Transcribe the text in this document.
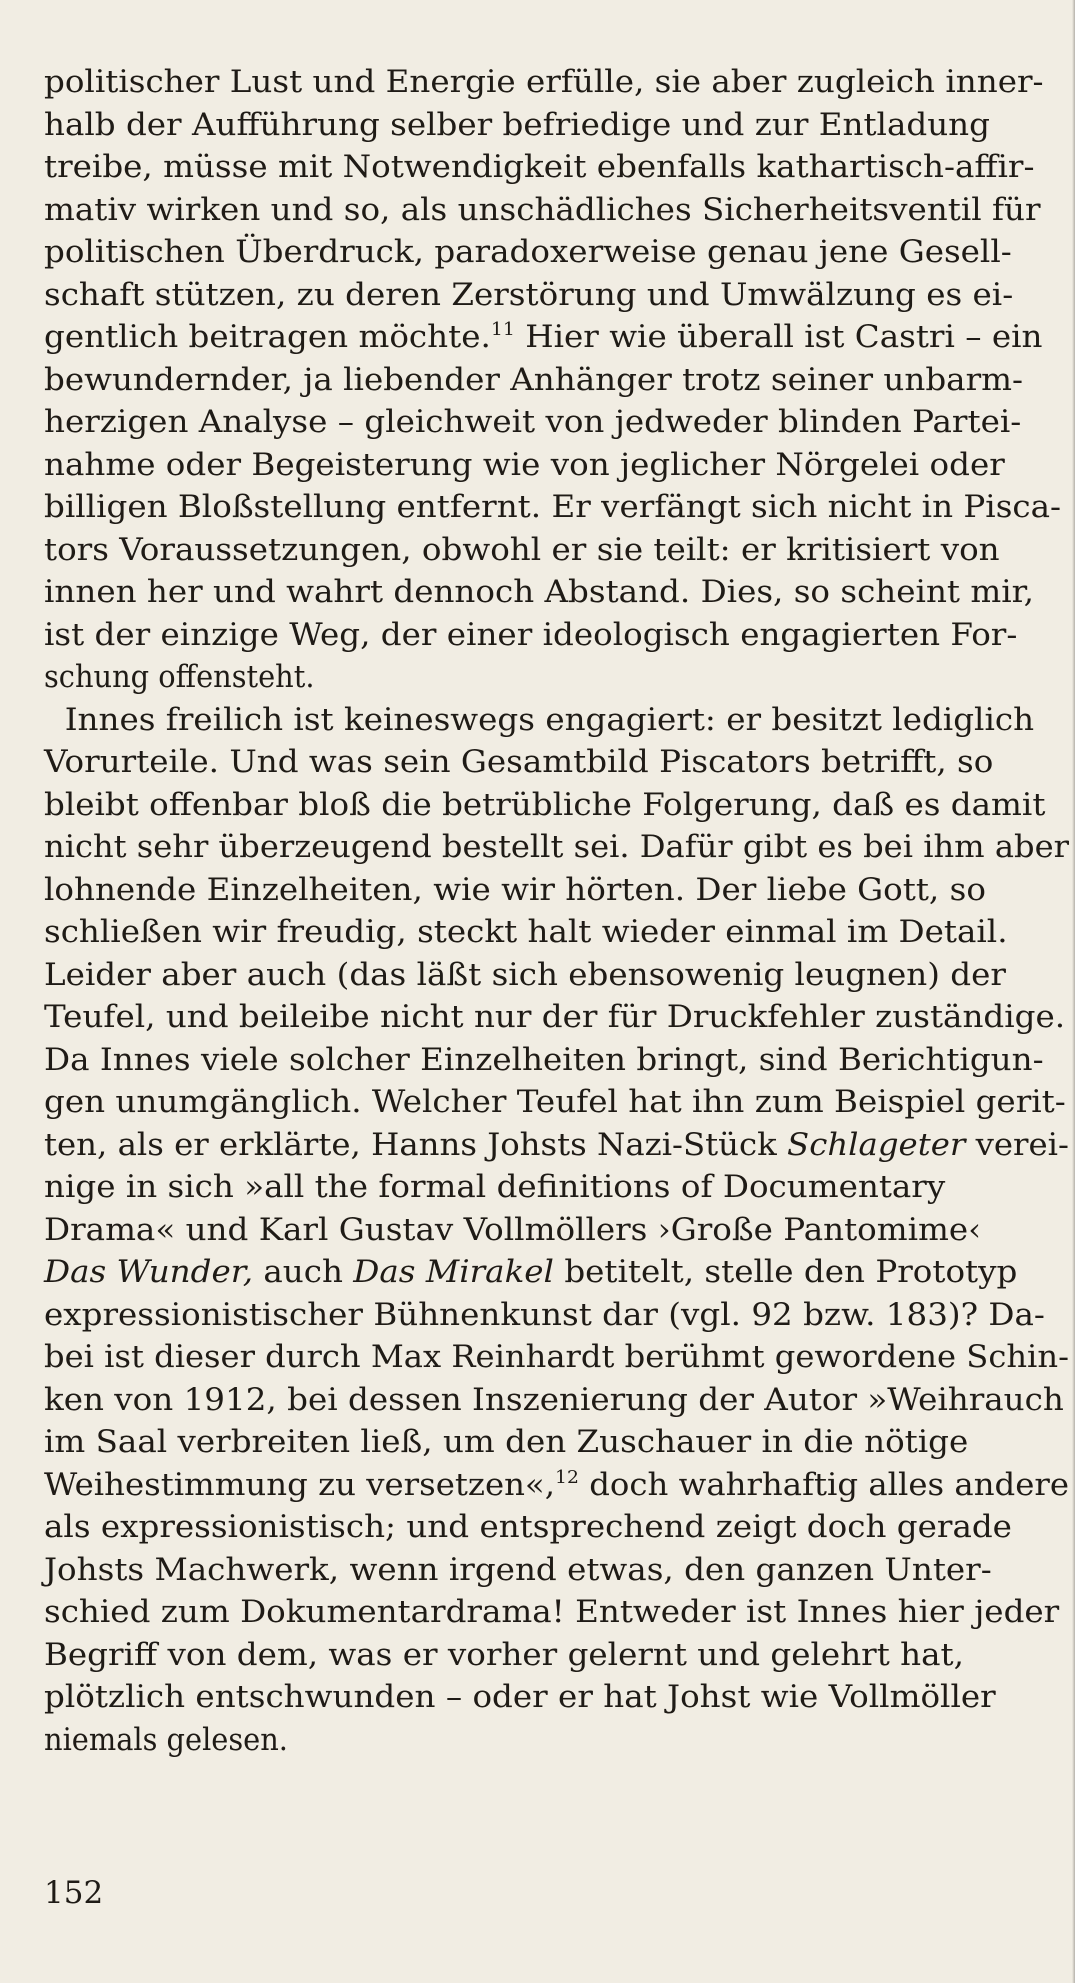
politischer Lust und Energie erfülle, sie aber zugleich inner-
halb der Aufführung selber befriedige und zur Entladung
treibe, müsse mit Notwendigkeit ebenfalls kathartisch-affir-
mativ wirken und so, als unschädliches Sicherheitsventil für
politischen Überdruck, paradoxerweise genau jene Gesell-
schaft stützen, zu deren Zerstörung und Umwälzung es ei-
gentlich beitragen möchte.$^{11}$ Hier wie überall ist Castri – ein
bewundernder, ja liebender Anhänger trotz seiner unbarm-
herzigen Analyse – gleichweit von jedweder blinden Partei-
nahme oder Begeisterung wie von jeglicher Nörgelei oder
billigen Bloßstellung entfernt. Er verfängt sich nicht in Pisca-
tors Voraussetzungen, obwohl er sie teilt: er kritisiert von
innen her und wahrt dennoch Abstand. Dies, so scheint mir,
ist der einzige Weg, der einer ideologisch engagierten For-
schung offensteht.
Innes freilich ist keineswegs engagiert: er besitzt lediglich
Vorurteile. Und was sein Gesamtbild Piscators betrifft, so
bleibt offenbar bloß die betrübliche Folgerung, daß es damit
nicht sehr überzeugend bestellt sei. Dafür gibt es bei ihm aber
lohnende Einzelheiten, wie wir hörten. Der liebe Gott, so
schließen wir freudig, steckt halt wieder einmal im Detail.
Leider aber auch (das läßt sich ebensowenig leugnen) der
Teufel, und beileibe nicht nur der für Druckfehler zuständige.
Da Innes viele solcher Einzelheiten bringt, sind Berichtigun-
gen unumgänglich. Welcher Teufel hat ihn zum Beispiel gerit-
ten, als er erklärte, Hanns Johsts Nazi-Stück Schlageter verei-
nige in sich »all the formal definitions of Documentary
Drama« und Karl Gustav Vollmöllers ›Große Pantomime‹
Das Wunder, auch Das Mirakel betitelt, stelle den Prototyp
expressionistischer Bühnenkunst dar (vgl. 92 bzw. 183)? Da-
bei ist dieser durch Max Reinhardt berühmt gewordene Schin-
ken von 1912, bei dessen Inszenierung der Autor »Weihrauch
im Saal verbreiten ließ, um den Zuschauer in die nötige
Weihestimmung zu versetzen«,$^{12}$ doch wahrhaftig alles andere
als expressionistisch; und entsprechend zeigt doch gerade
Johsts Machwerk, wenn irgend etwas, den ganzen Unter-
schied zum Dokumentardrama! Entweder ist Innes hier jeder
Begriff von dem, was er vorher gelernt und gelehrt hat,
plötzlich entschwunden – oder er hat Johst wie Vollmöller
niemals gelesen.
152
